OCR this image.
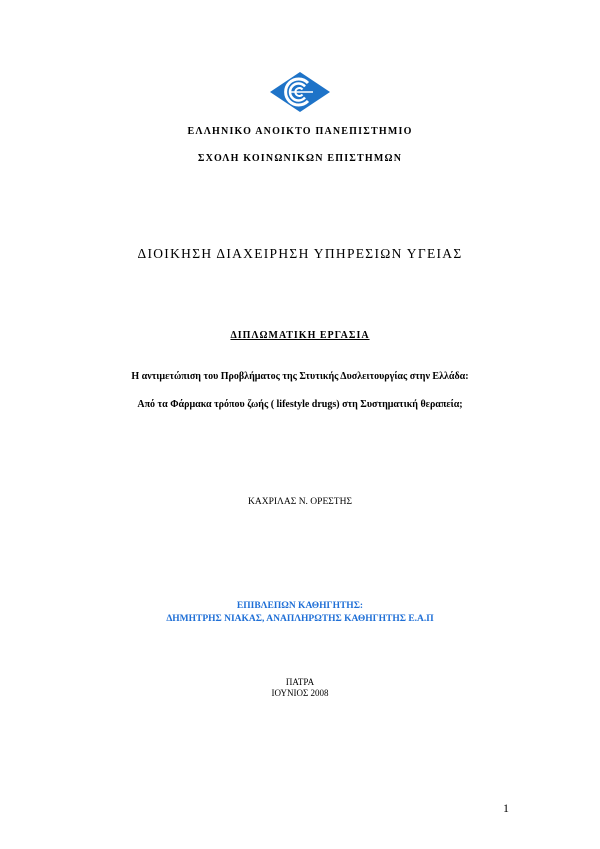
ΕΛΛΗΝΙΚΟ ΑΝΟΙΚΤΟ ΠΑΝΕΠΙΣΤΗΜΙΟ
ΣΧΟΛΗ ΚΟΙΝΩΝΙΚΩΝ ΕΠΙΣΤΗΜΩΝ
ΔΙΟΙΚΗΣΗ ΔΙΑΧΕΙΡΗΣΗ ΥΠΗΡΕΣΙΩΝ ΥΓΕΙΑΣ
ΔΙΠΛΩΜΑΤΙΚΗ ΕΡΓΑΣΙΑ
Η αντιμετώπιση του Προβλήματος της Στυτικής Δυσλειτουργίας στην Ελλάδα:
Από τα Φάρμακα τρόπου ζωής ( lifestyle drugs) στη Συστηματική θεραπεία;
ΚΑΧΡΙΛΑΣ Ν. ΟΡΕΣΤΗΣ
ΕΠΙΒΛΕΠΩΝ ΚΑΘΗΓΗΤΗΣ:
ΔΗΜΗΤΡΗΣ ΝΙΑΚΑΣ, ΑΝΑΠΛΗΡΩΤΗΣ ΚΑΘΗΓΗΤΗΣ Ε.Α.Π
ΠΑΤΡΑ
ΙΟΥΝΙΟΣ 2008
1
